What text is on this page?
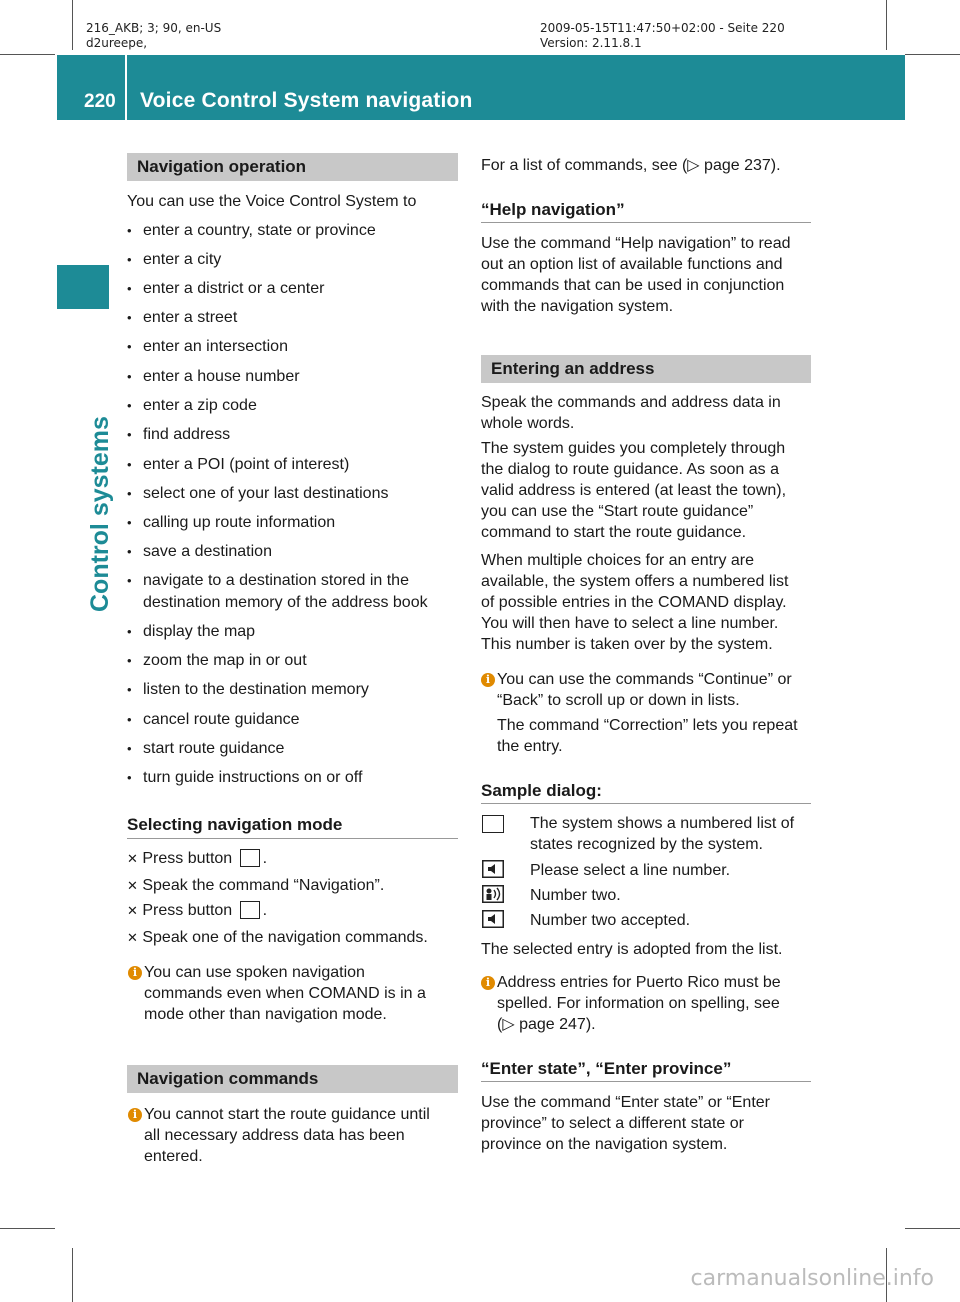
216_AKB; 3; 90, en-US
d2ureepe,
2009-05-15T11:47:50+02:00 - Seite 220
Version: 2.11.8.1
220 Voice Control System navigation
Control systems
Navigation operation
You can use the Voice Control System to
• enter a country, state or province
• enter a city
• enter a district or a center
• enter a street
• enter an intersection
• enter a house number
• enter a zip code
• find address
• enter a POI (point of interest)
• select one of your last destinations
• calling up route information
• save a destination
• navigate to a destination stored in the
destination memory of the address book
• display the map
• zoom the map in or out
• listen to the destination memory
• cancel route guidance
• start route guidance
• turn guide instructions on or off
Selecting navigation mode
✕ Press button .
✕ Speak the command “Navigation”.
✕ Press button .
✕ Speak one of the navigation commands.
i You can use spoken navigation
commands even when COMAND is in a
mode other than navigation mode.
Navigation commands
i You cannot start the route guidance until
all necessary address data has been
entered.
For a list of commands, see (▷ page 237).
“Help navigation”
Use the command “Help navigation” to read
out an option list of available functions and
commands that can be used in conjunction
with the navigation system.
Entering an address
Speak the commands and address data in
whole words.
The system guides you completely through
the dialog to route guidance. As soon as a
valid address is entered (at least the town),
you can use the “Start route guidance”
command to start the route guidance.
When multiple choices for an entry are
available, the system offers a numbered list
of possible entries in the COMAND display.
You will then have to select a line number.
This number is taken over by the system.
i You can use the commands “Continue” or
“Back” to scroll up or down in lists.
The command “Correction” lets you repeat
the entry.
Sample dialog:
The system shows a numbered list of
states recognized by the system.
Please select a line number.
Number two.
Number two accepted.
The selected entry is adopted from the list.
i Address entries for Puerto Rico must be
spelled. For information on spelling, see
(▷ page 247).
“Enter state”, “Enter province”
Use the command “Enter state” or “Enter
province” to select a different state or
province on the navigation system.
carmanualsonline.info
